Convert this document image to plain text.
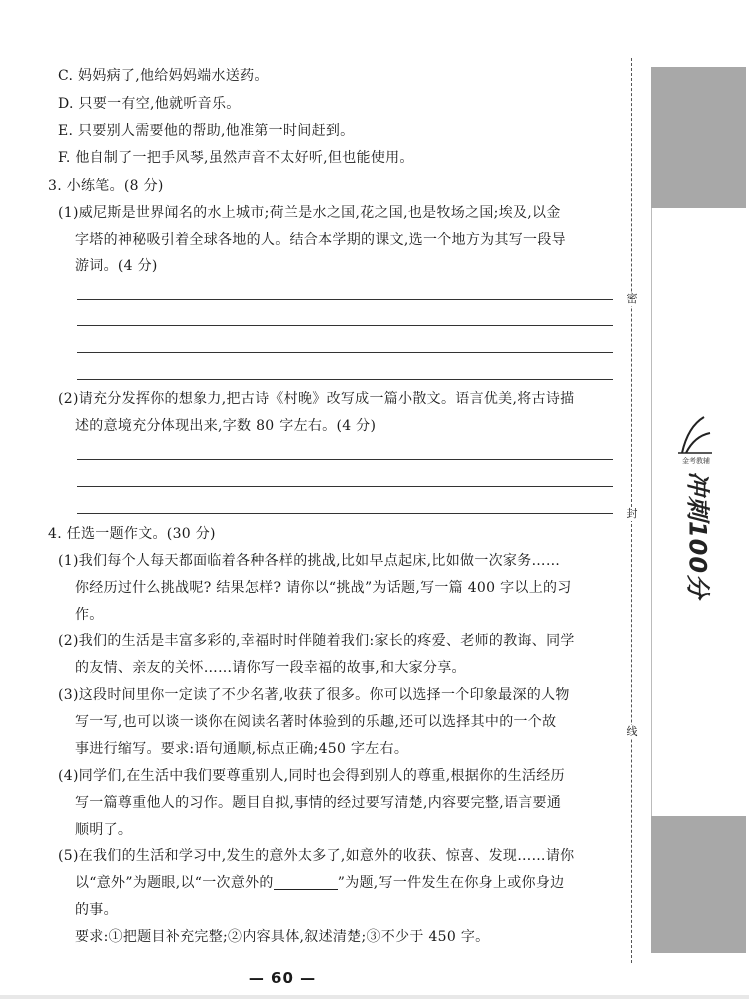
C. 妈妈病了,他给妈妈端水送药。
D. 只要一有空,他就听音乐。
E. 只要别人需要他的帮助,他准第一时间赶到。
F. 他自制了一把手风琴,虽然声音不太好听,但也能使用。
3. 小练笔。(8 分)
(1)威尼斯是世界闻名的水上城市;荷兰是水之国,花之国,也是牧场之国;埃及,以金
字塔的神秘吸引着全球各地的人。结合本学期的课文,选一个地方为其写一段导
游词。(4 分)
(2)请充分发挥你的想象力,把古诗《村晚》改写成一篇小散文。语言优美,将古诗描
述的意境充分体现出来,字数 80 字左右。(4 分)
4. 任选一题作文。(30 分)
(1)我们每个人每天都面临着各种各样的挑战,比如早点起床,比如做一次家务……
你经历过什么挑战呢? 结果怎样? 请你以“挑战”为话题,写一篇 400 字以上的习
作。
(2)我们的生活是丰富多彩的,幸福时时伴随着我们:家长的疼爱、老师的教诲、同学
的友情、亲友的关怀……请你写一段幸福的故事,和大家分享。
(3)这段时间里你一定读了不少名著,收获了很多。你可以选择一个印象最深的人物
写一写,也可以谈一谈你在阅读名著时体验到的乐趣,还可以选择其中的一个故
事进行缩写。要求:语句通顺,标点正确;450 字左右。
(4)同学们,在生活中我们要尊重别人,同时也会得到别人的尊重,根据你的生活经历
写一篇尊重他人的习作。题目自拟,事情的经过要写清楚,内容要完整,语言要通
顺明了。
(5)在我们的生活和学习中,发生的意外太多了,如意外的收获、惊喜、发现……请你
以“意外”为题眼,以“一次意外的	”为题,写一件发生在你身上或你身边
的事。
要求:①把题目补充完整;②内容具体,叙述清楚;③不少于 450 字。
— 60 —
密
封
线
金考教辅
冲刺100分
